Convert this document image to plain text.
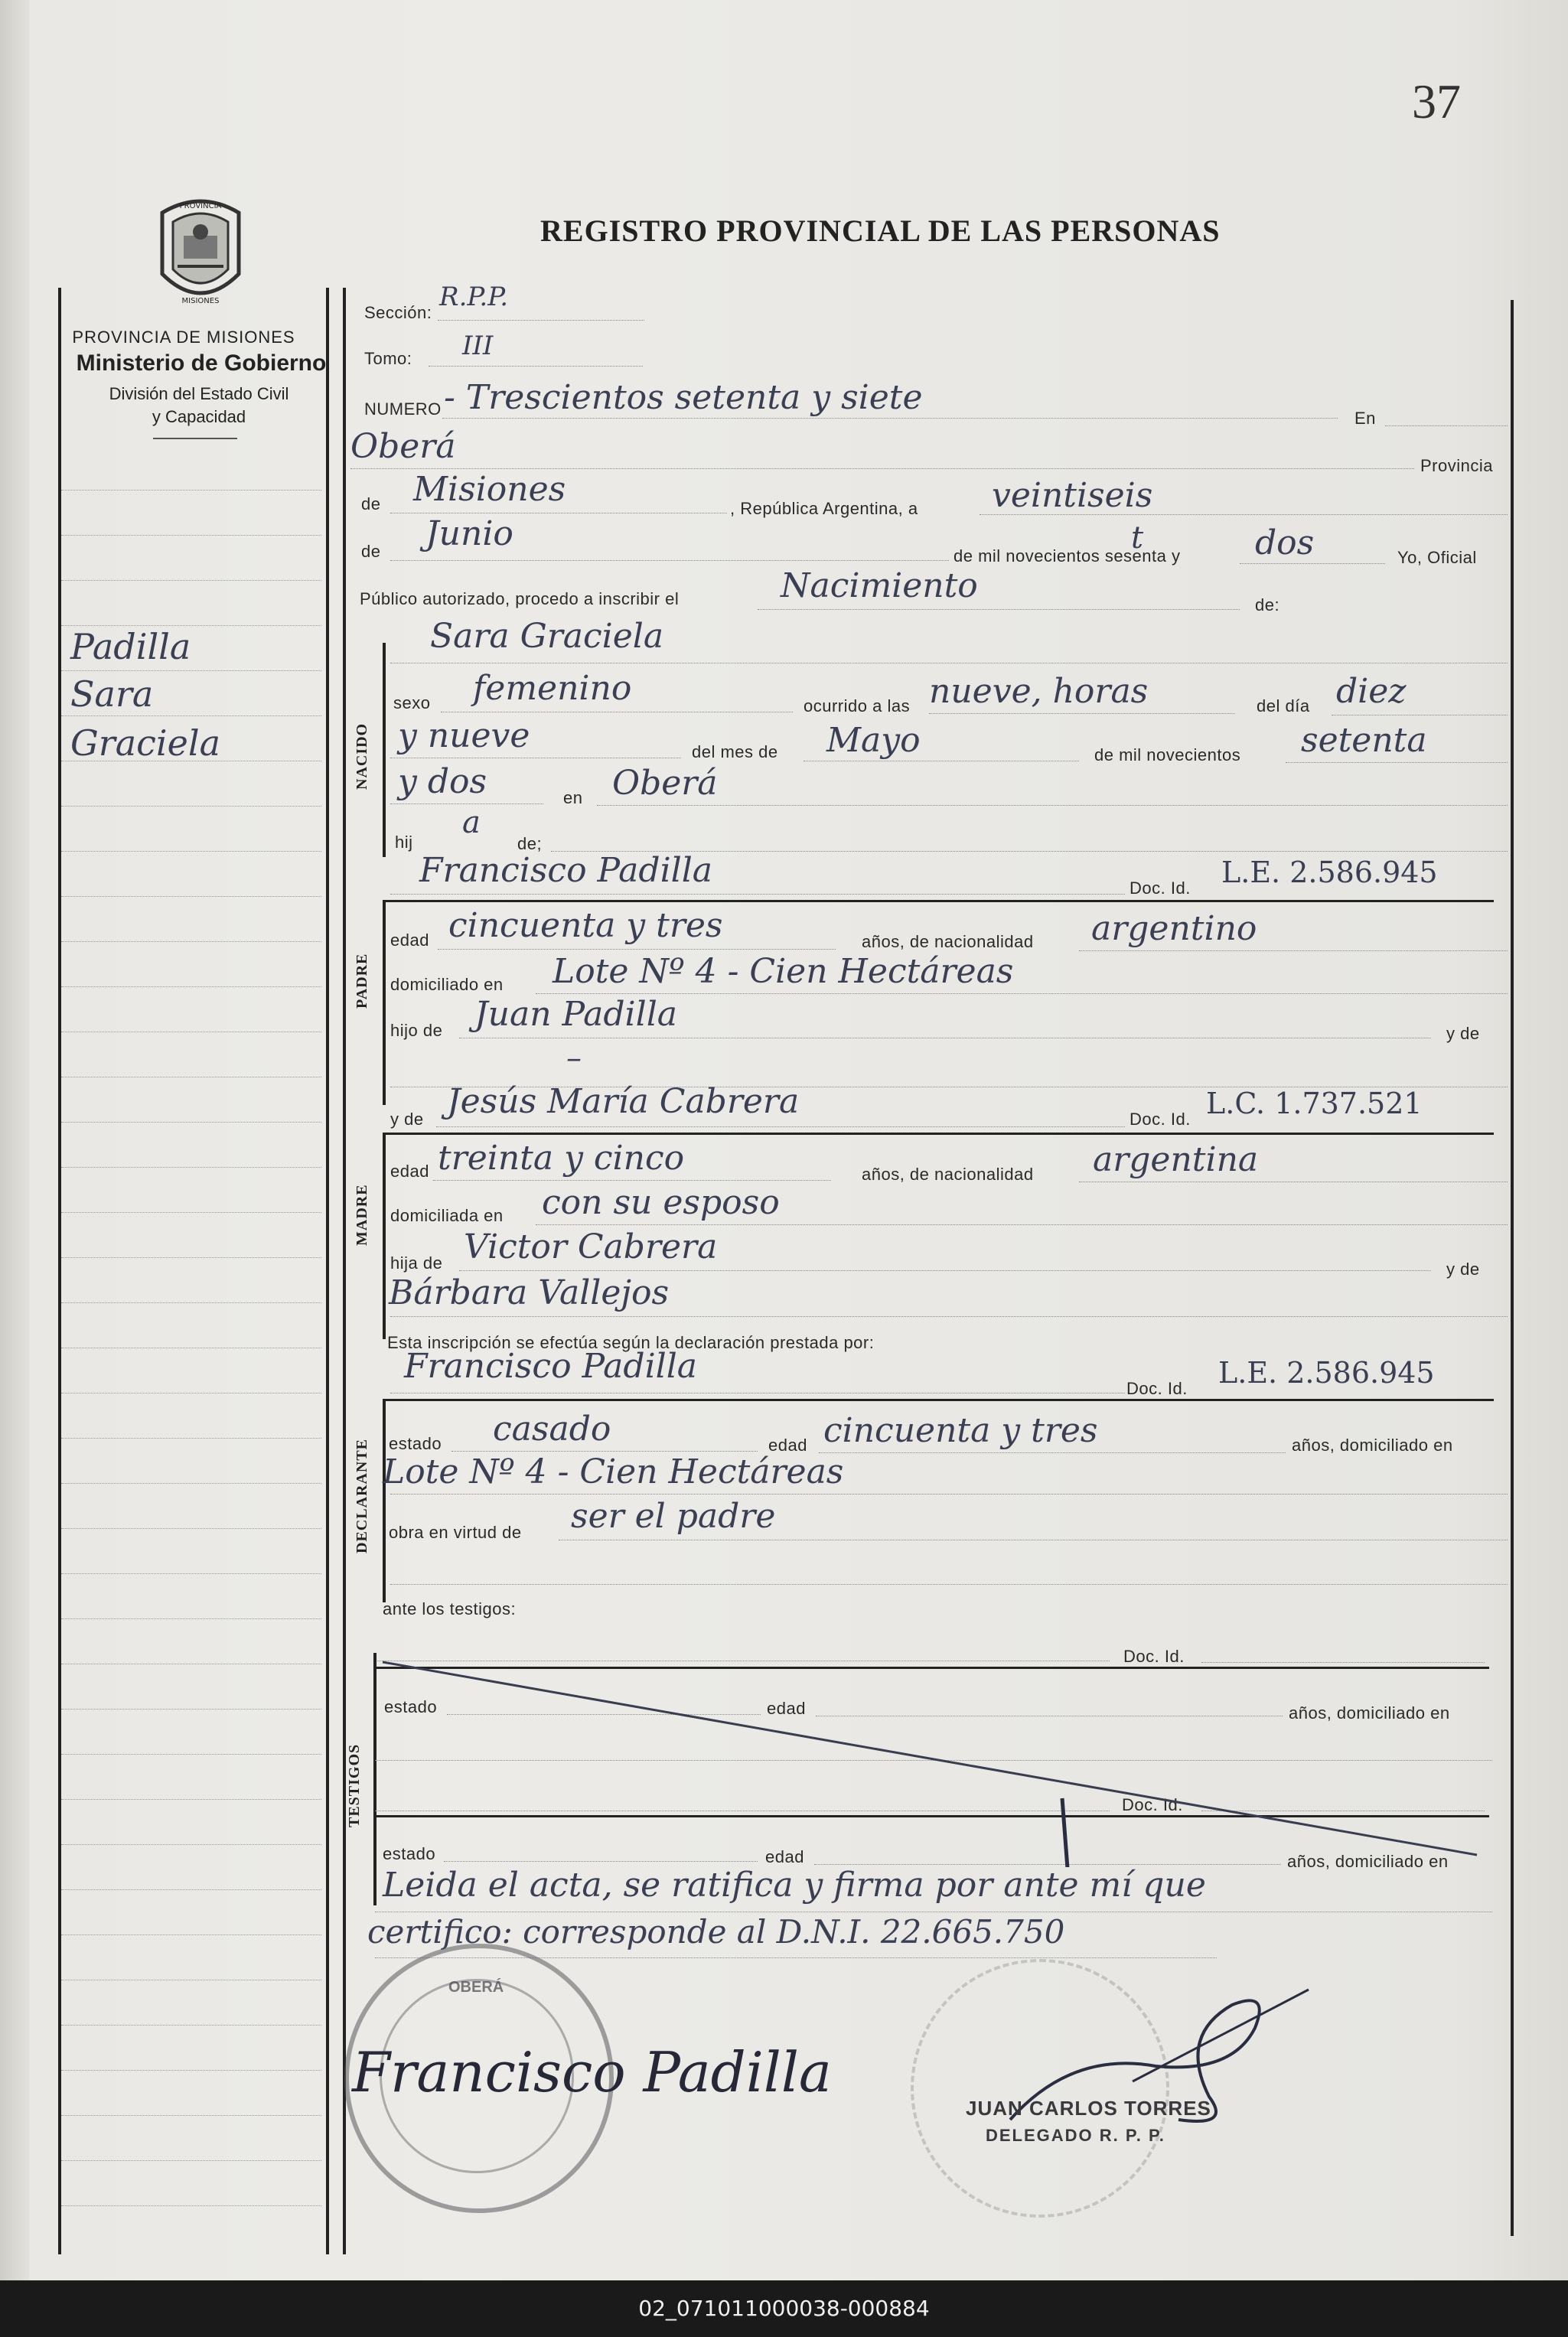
37
REGISTRO PROVINCIAL DE LAS PERSONAS
PROVINCIA
MISIONES
PROVINCIA DE MISIONES
Ministerio de Gobierno
División del Estado Civil
y Capacidad
Padilla
Sara
Graciela
Sección:
R.P.P.
Tomo: III
NUMERO - Trescientos setenta y siete
En
Oberá	Provincia
de Misiones	, República Argentina, a veintiseis
de Junio
de mil novecientos sesenta y
t	dos	Yo, Oficial
Público autorizado, procedo a inscribir el	Nacimiento	de:
NACIDO
Sara Graciela
sexo femenino	ocurrido a las nueve, horas	del día diez
y nueve	del mes de Mayo	de mil novecientos setenta
y dos	en Oberá
hij
a
de;
Francisco Padilla	Doc. Id. L.E. 2.586.945
PADRE
edad cincuenta y tres	años, de nacionalidad argentino
domiciliado en Lote Nº 4 - Cien Hectáreas
hijo de Juan Padilla	y de
–
y de Jesús María Cabrera	Doc. Id. L.C. 1.737.521
MADRE
edad treinta y cinco	años, de nacionalidad argentina
domiciliada en con su esposo
hija de Victor Cabrera
y de
Bárbara Vallejos
Esta inscripción se efectúa según la declaración prestada por:
Francisco Padilla
Doc. Id. L.E. 2.586.945
DECLARANTE estado casado	edad cincuenta y tres	años, domiciliado en
Lote Nº 4 - Cien Hectáreas
obra en virtud de ser el padre
ante los testigos:
Doc. Id.
TESTIGOS
estado	edad	años, domiciliado en
Doc. Id.
estado	edad	años, domiciliado en
Leida el acta, se ratifica y firma por ante mí que
certifico: corresponde al D.N.I. 22.665.750
OBERÁ
Francisco Padilla
JUAN CARLOS TORRES
DELEGADO R. P. P.
02_071011000038-000884
